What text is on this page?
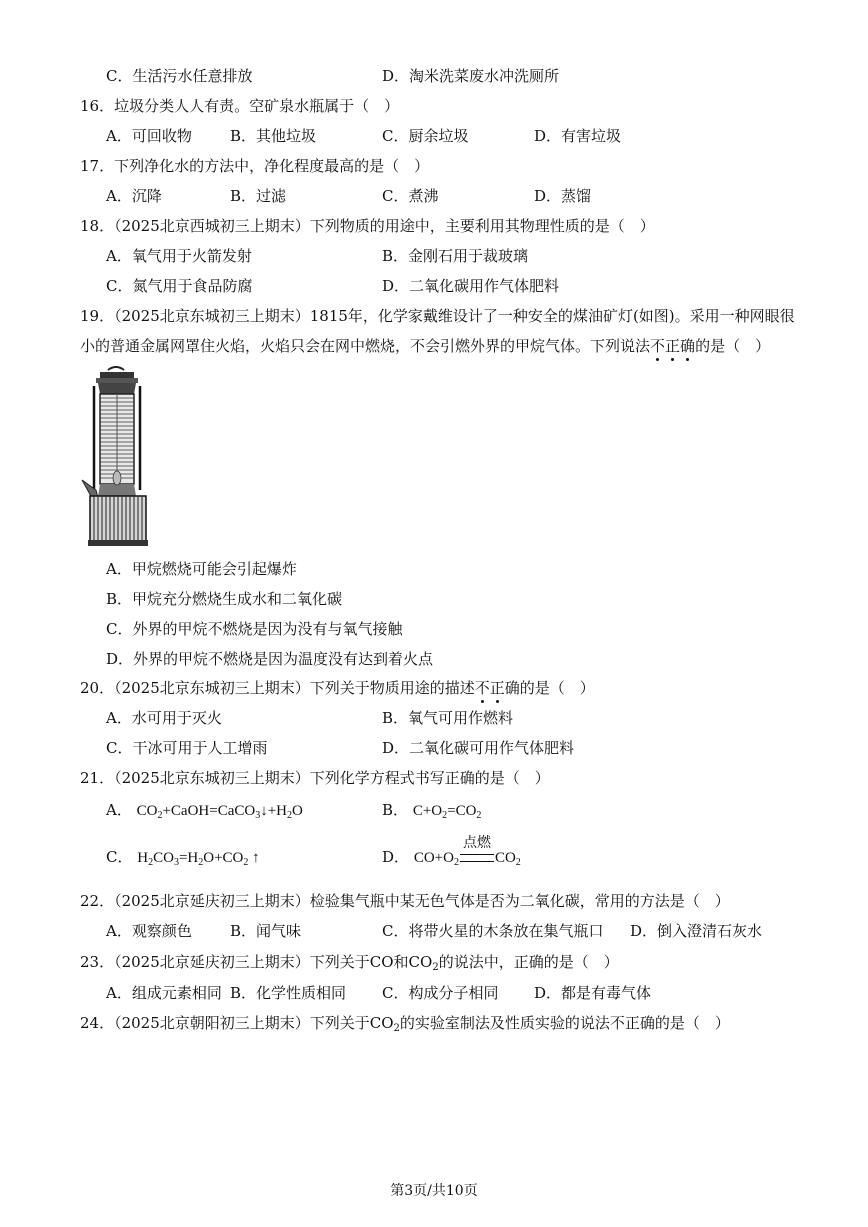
C．生活污水任意排放	D．淘米洗菜废水冲洗厕所
16．垃圾分类人人有责。空矿泉水瓶属于（　）
A．可回收物	B．其他垃圾	C．厨余垃圾	D．有害垃圾
17．下列净化水的方法中，净化程度最高的是（　）
A．沉降	B．过滤	C．煮沸	D．蒸馏
18．（2025北京西城初三上期末）下列物质的用途中，主要利用其物理性质的是（　）
A．氧气用于火箭发射	B．金刚石用于裁玻璃
C．氮气用于食品防腐	D．二氧化碳用作气体肥料
19．（2025北京东城初三上期末）1815年，化学家戴维设计了一种安全的煤油矿灯(如图)。采用一种网眼很
小的普通金属网罩住火焰，火焰只会在网中燃烧，不会引燃外界的甲烷气体。下列说法不正确的是（　）
A．甲烷燃烧可能会引起爆炸
B．甲烷充分燃烧生成水和二氧化碳
C．外界的甲烷不燃烧是因为没有与氧气接触
D．外界的甲烷不燃烧是因为温度没有达到着火点
20．（2025北京东城初三上期末）下列关于物质用途的描述不正确的是（　）
A．水可用于灭火	B．氧气可用作燃料
C．干冰可用于人工增雨	D．二氧化碳可用作气体肥料
21．（2025北京东城初三上期末）下列化学方程式书写正确的是（　）
A． $CO_2+CaOH=CaCO_3↓+H_2O$	B． $C+O_2=CO_2$
C． $H_2CO_3=H_2O+CO_2$ ↑	D． $CO+O_2$
点燃
$CO_2$
22．（2025北京延庆初三上期末）检验集气瓶中某无色气体是否为二氧化碳，常用的方法是（　）
A．观察颜色	B．闻气味	C．将带火星的木条放在集气瓶口 D．倒入澄清石灰水
23．（2025北京延庆初三上期末）下列关于CO和$CO_2$的说法中，正确的是（　）
A．组成元素相同 B．化学性质相同 C．构成分子相同 D．都是有毒气体
24．（2025北京朝阳初三上期末）下列关于$CO_2$的实验室制法及性质实验的说法不正确的是（　）
第3页/共10页
